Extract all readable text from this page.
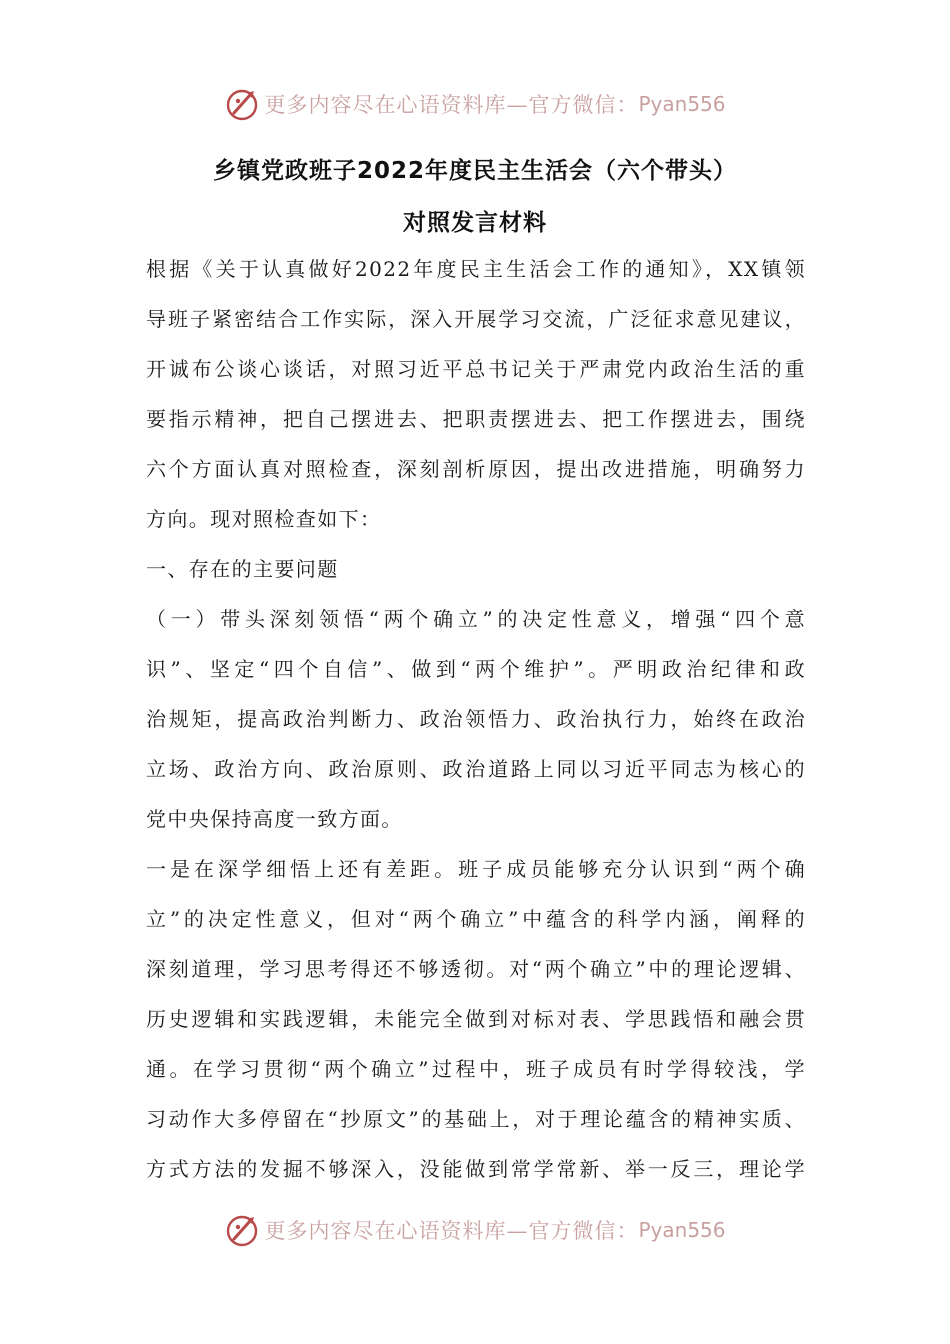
更多内容尽在心语资料库—官方微信： Pyan556
乡镇党政班子2022年度民主生活会（六个带头）
对照发言材料
根据《关于认真做好2022年度民主生活会工作的通知》，XX镇领
导班子紧密结合工作实际，深入开展学习交流，广泛征求意见建议，
开诚布公谈心谈话，对照习近平总书记关于严肃党内政治生活的重
要指示精神，把自己摆进去、把职责摆进去、把工作摆进去，围绕
六个方面认真对照检查，深刻剖析原因，提出改进措施，明确努力
方向。现对照检查如下：
一、存在的主要问题
（一）带头深刻领悟“两个确立”的决定性意义，增强“四个意
识”、坚定“四个自信”、做到“两个维护”。严明政治纪律和政
治规矩，提高政治判断力、政治领悟力、政治执行力，始终在政治
立场、政治方向、政治原则、政治道路上同以习近平同志为核心的
党中央保持高度一致方面。
一是在深学细悟上还有差距。班子成员能够充分认识到“两个确
立”的决定性意义，但对“两个确立”中蕴含的科学内涵，阐释的
深刻道理，学习思考得还不够透彻。对“两个确立”中的理论逻辑、
历史逻辑和实践逻辑，未能完全做到对标对表、学思践悟和融会贯
通。在学习贯彻“两个确立”过程中，班子成员有时学得较浅，学
习动作大多停留在“抄原文”的基础上，对于理论蕴含的精神实质、
方式方法的发掘不够深入，没能做到常学常新、举一反三，理论学
更多内容尽在心语资料库—官方微信： Pyan556
